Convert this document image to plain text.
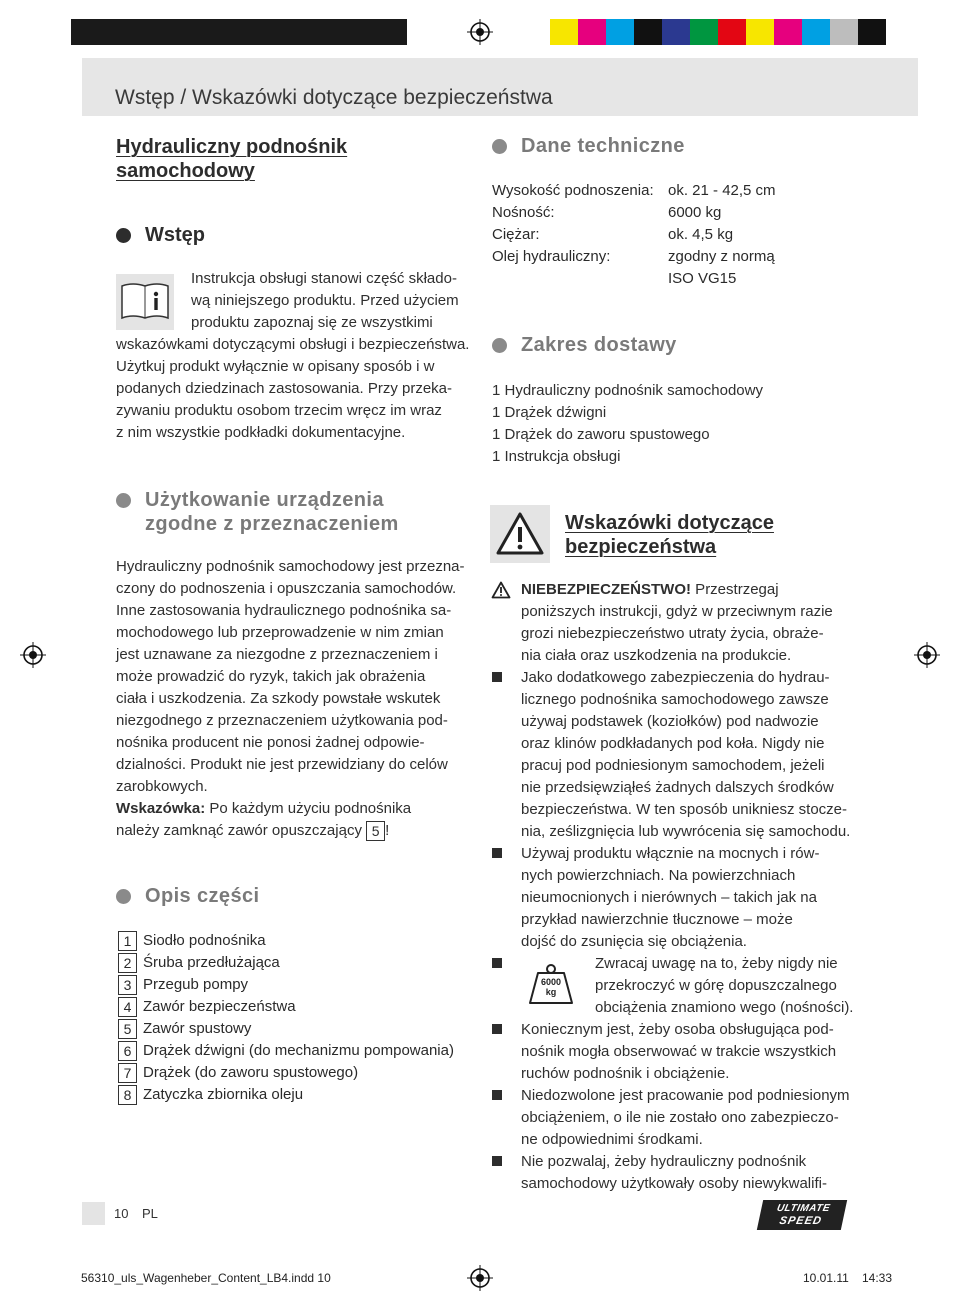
Wstęp / Wskazówki dotyczące bezpieczeństwa
Hydrauliczny podnośnik
samochodowy
Wstęp
Instrukcja obsługi stanowi część składo-
wą niniejszego produktu. Przed użyciem
produktu zapoznaj się ze wszystkimi
wskazówkami dotyczącymi obsługi i bezpieczeństwa.
Użytkuj produkt wyłącznie w opisany sposób i w
podanych dziedzinach zastosowania. Przy przeka-
zywaniu produktu osobom trzecim wręcz im wraz
z nim wszystkie podkładki dokumentacyjne.
Użytkowanie urządzenia
zgodne z przeznaczeniem
Hydrauliczny podnośnik samochodowy jest przezna-
czony do podnoszenia i opuszczania samochodów.
Inne zastosowania hydraulicznego podnośnika sa-
mochodowego lub przeprowadzenie w nim zmian
jest uznawane za niezgodne z przeznaczeniem i
może prowadzić do ryzyk, takich jak obrażenia
ciała i uszkodzenia. Za szkody powstałe wskutek
niezgodnego z przeznaczeniem użytkowania pod-
nośnika producent nie ponosi żadnej odpowie-
dzialności. Produkt nie jest przewidziany do celów
zarobkowych.
Wskazówka: Po każdym użyciu podnośnika
należy zamknąć zawór opuszczający 5 !
Opis części
1 Siodło podnośnika
2 Śruba przedłużająca
3 Przegub pompy
4 Zawór bezpieczeństwa
5 Zawór spustowy
6 Drążek dźwigni (do mechanizmu pompowania)
7 Drążek (do zaworu spustowego)
8 Zatyczka zbiornika oleju
Dane techniczne
Wysokość podnoszenia:	ok. 21 - 42,5 cm
Nośność:	6000 kg
Ciężar:	ok. 4,5 kg
Olej hydrauliczny:	zgodny z normą
	ISO VG15
Zakres dostawy
1 Hydrauliczny podnośnik samochodowy
1 Drążek dźwigni
1 Drążek do zaworu spustowego
1 Instrukcja obsługi
Wskazówki dotyczące
bezpieczeństwa
NIEBEZPIECZEŃSTWO! Przestrzegaj
poniższych instrukcji, gdyż w przeciwnym razie
grozi niebezpieczeństwo utraty życia, obraże-
nia ciała oraz uszkodzenia na produkcie.
Jako dodatkowego zabezpieczenia do hydrau-
licznego podnośnika samochodowego zawsze
używaj podstawek (koziołków) pod nadwozie
oraz klinów podkładanych pod koła. Nigdy nie
pracuj pod podniesionym samochodem, jeżeli
nie przedsięwziąłeś żadnych dalszych środków
bezpieczeństwa. W ten sposób unikniesz stocze-
nia, ześlizgnięcia lub wywrócenia się samochodu.
Używaj produktu włącznie na mocnych i rów-
nych powierzchniach. Na powierzchniach
nieumocnionych i nierównych – takich jak na
przykład nawierzchnie tłucznowe – może
dojść do zsunięcia się obciążenia.
6000
kg
Zwracaj uwagę na to, żeby nigdy nie
przekroczyć w górę dopuszczalnego
obciążenia znamiono wego (nośności).
Koniecznym jest, żeby osoba obsługująca pod-
nośnik mogła obserwować w trakcie wszystkich
ruchów podnośnik i obciążenie.
Niedozwolone jest pracowanie pod podniesionym
obciążeniem, o ile nie zostało ono zabezpieczo-
ne odpowiednimi środkami.
Nie pozwalaj, żeby hydrauliczny podnośnik
samochodowy użytkowały osoby niewykwalifi-
10 PL	ULTIMATE
SPEED
56310_uls_Wagenheber_Content_LB4.indd 10	10.01.11 14:33
